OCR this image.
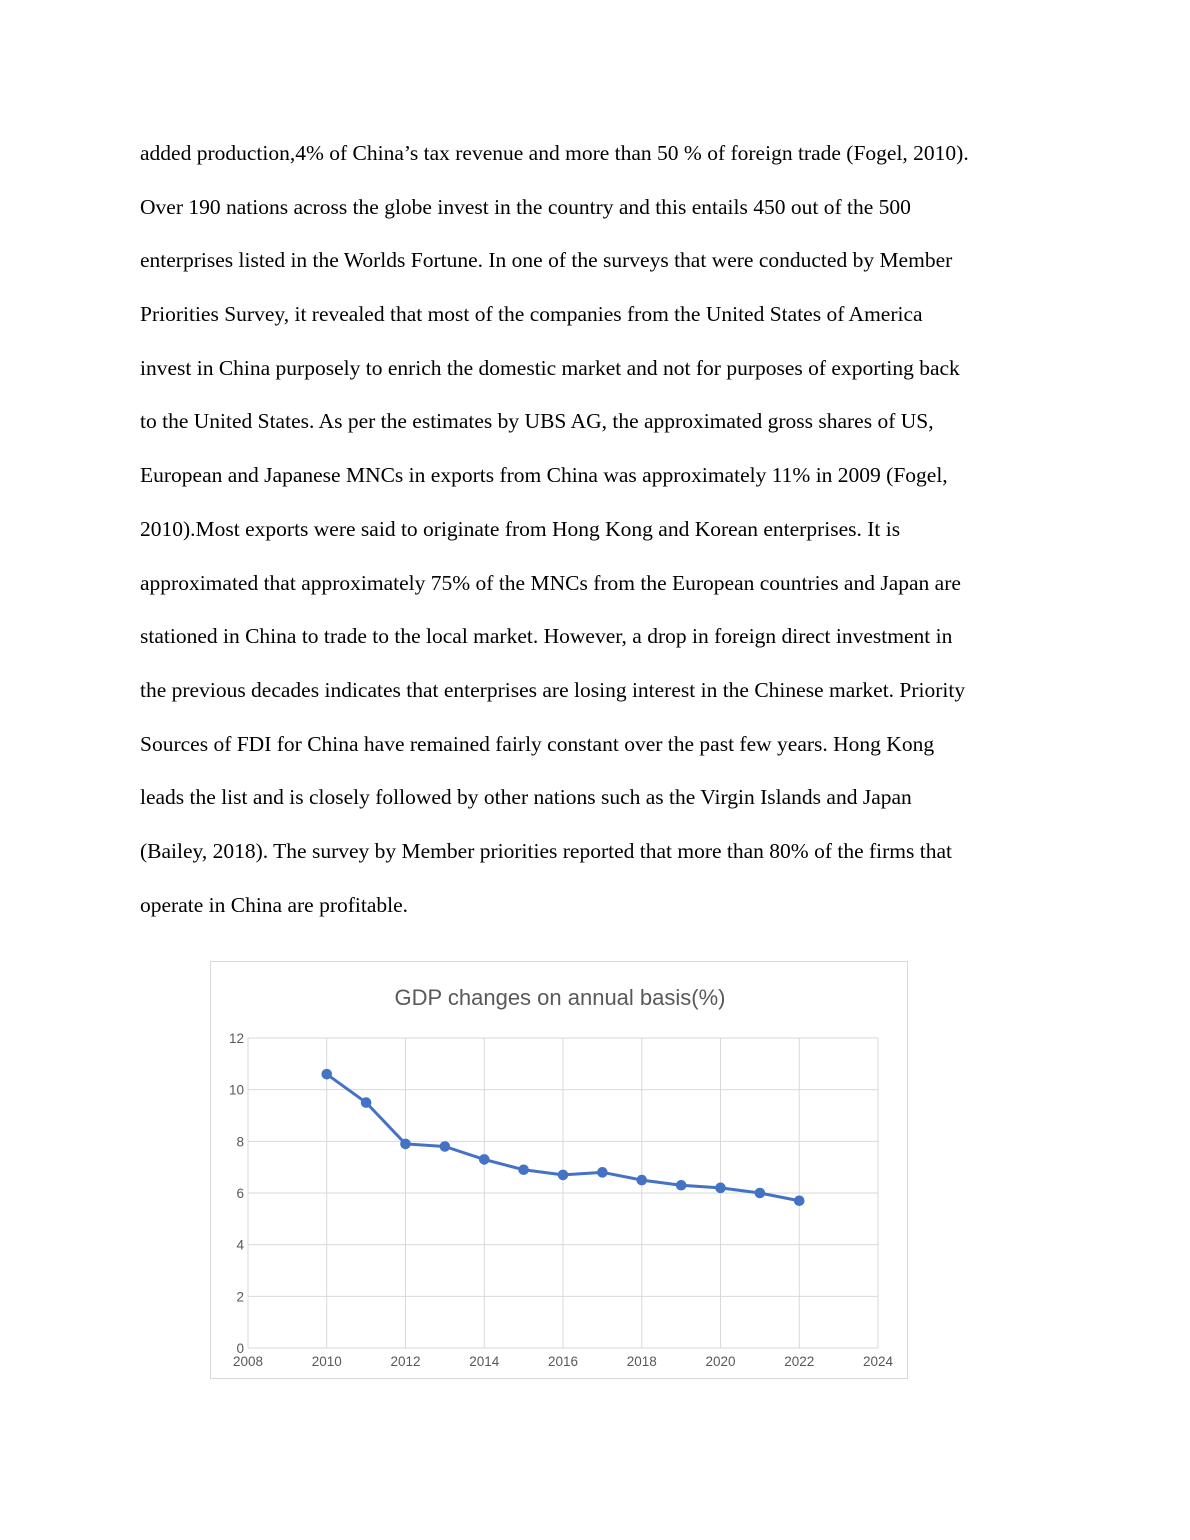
added production,4% of China’s tax revenue and more than 50 % of foreign trade (Fogel, 2010).
Over 190 nations across the globe invest in the country and this entails 450 out of the 500
enterprises listed in the Worlds Fortune. In one of the surveys that were conducted by Member
Priorities Survey, it revealed that most of the companies from the United States of America
invest in China purposely to enrich the domestic market and not for purposes of exporting back
to the United States. As per the estimates by UBS AG, the approximated gross shares of US,
European and Japanese MNCs in exports from China was approximately 11% in 2009 (Fogel,
2010).Most exports were said to originate from Hong Kong and Korean enterprises. It is
approximated that approximately 75% of the MNCs from the European countries and Japan are
stationed in China to trade to the local market. However, a drop in foreign direct investment in
the previous decades indicates that enterprises are losing interest in the Chinese market. Priority
Sources of FDI for China have remained fairly constant over the past few years. Hong Kong
leads the list and is closely followed by other nations such as the Virgin Islands and Japan
(Bailey, 2018). The survey by Member priorities reported that more than 80% of the firms that
operate in China are profitable.
GDP changes on annual basis(%)
0
2
4
6
8
10
12
2008	2010	2012	2014	2016	2018	2020	2022	2024
